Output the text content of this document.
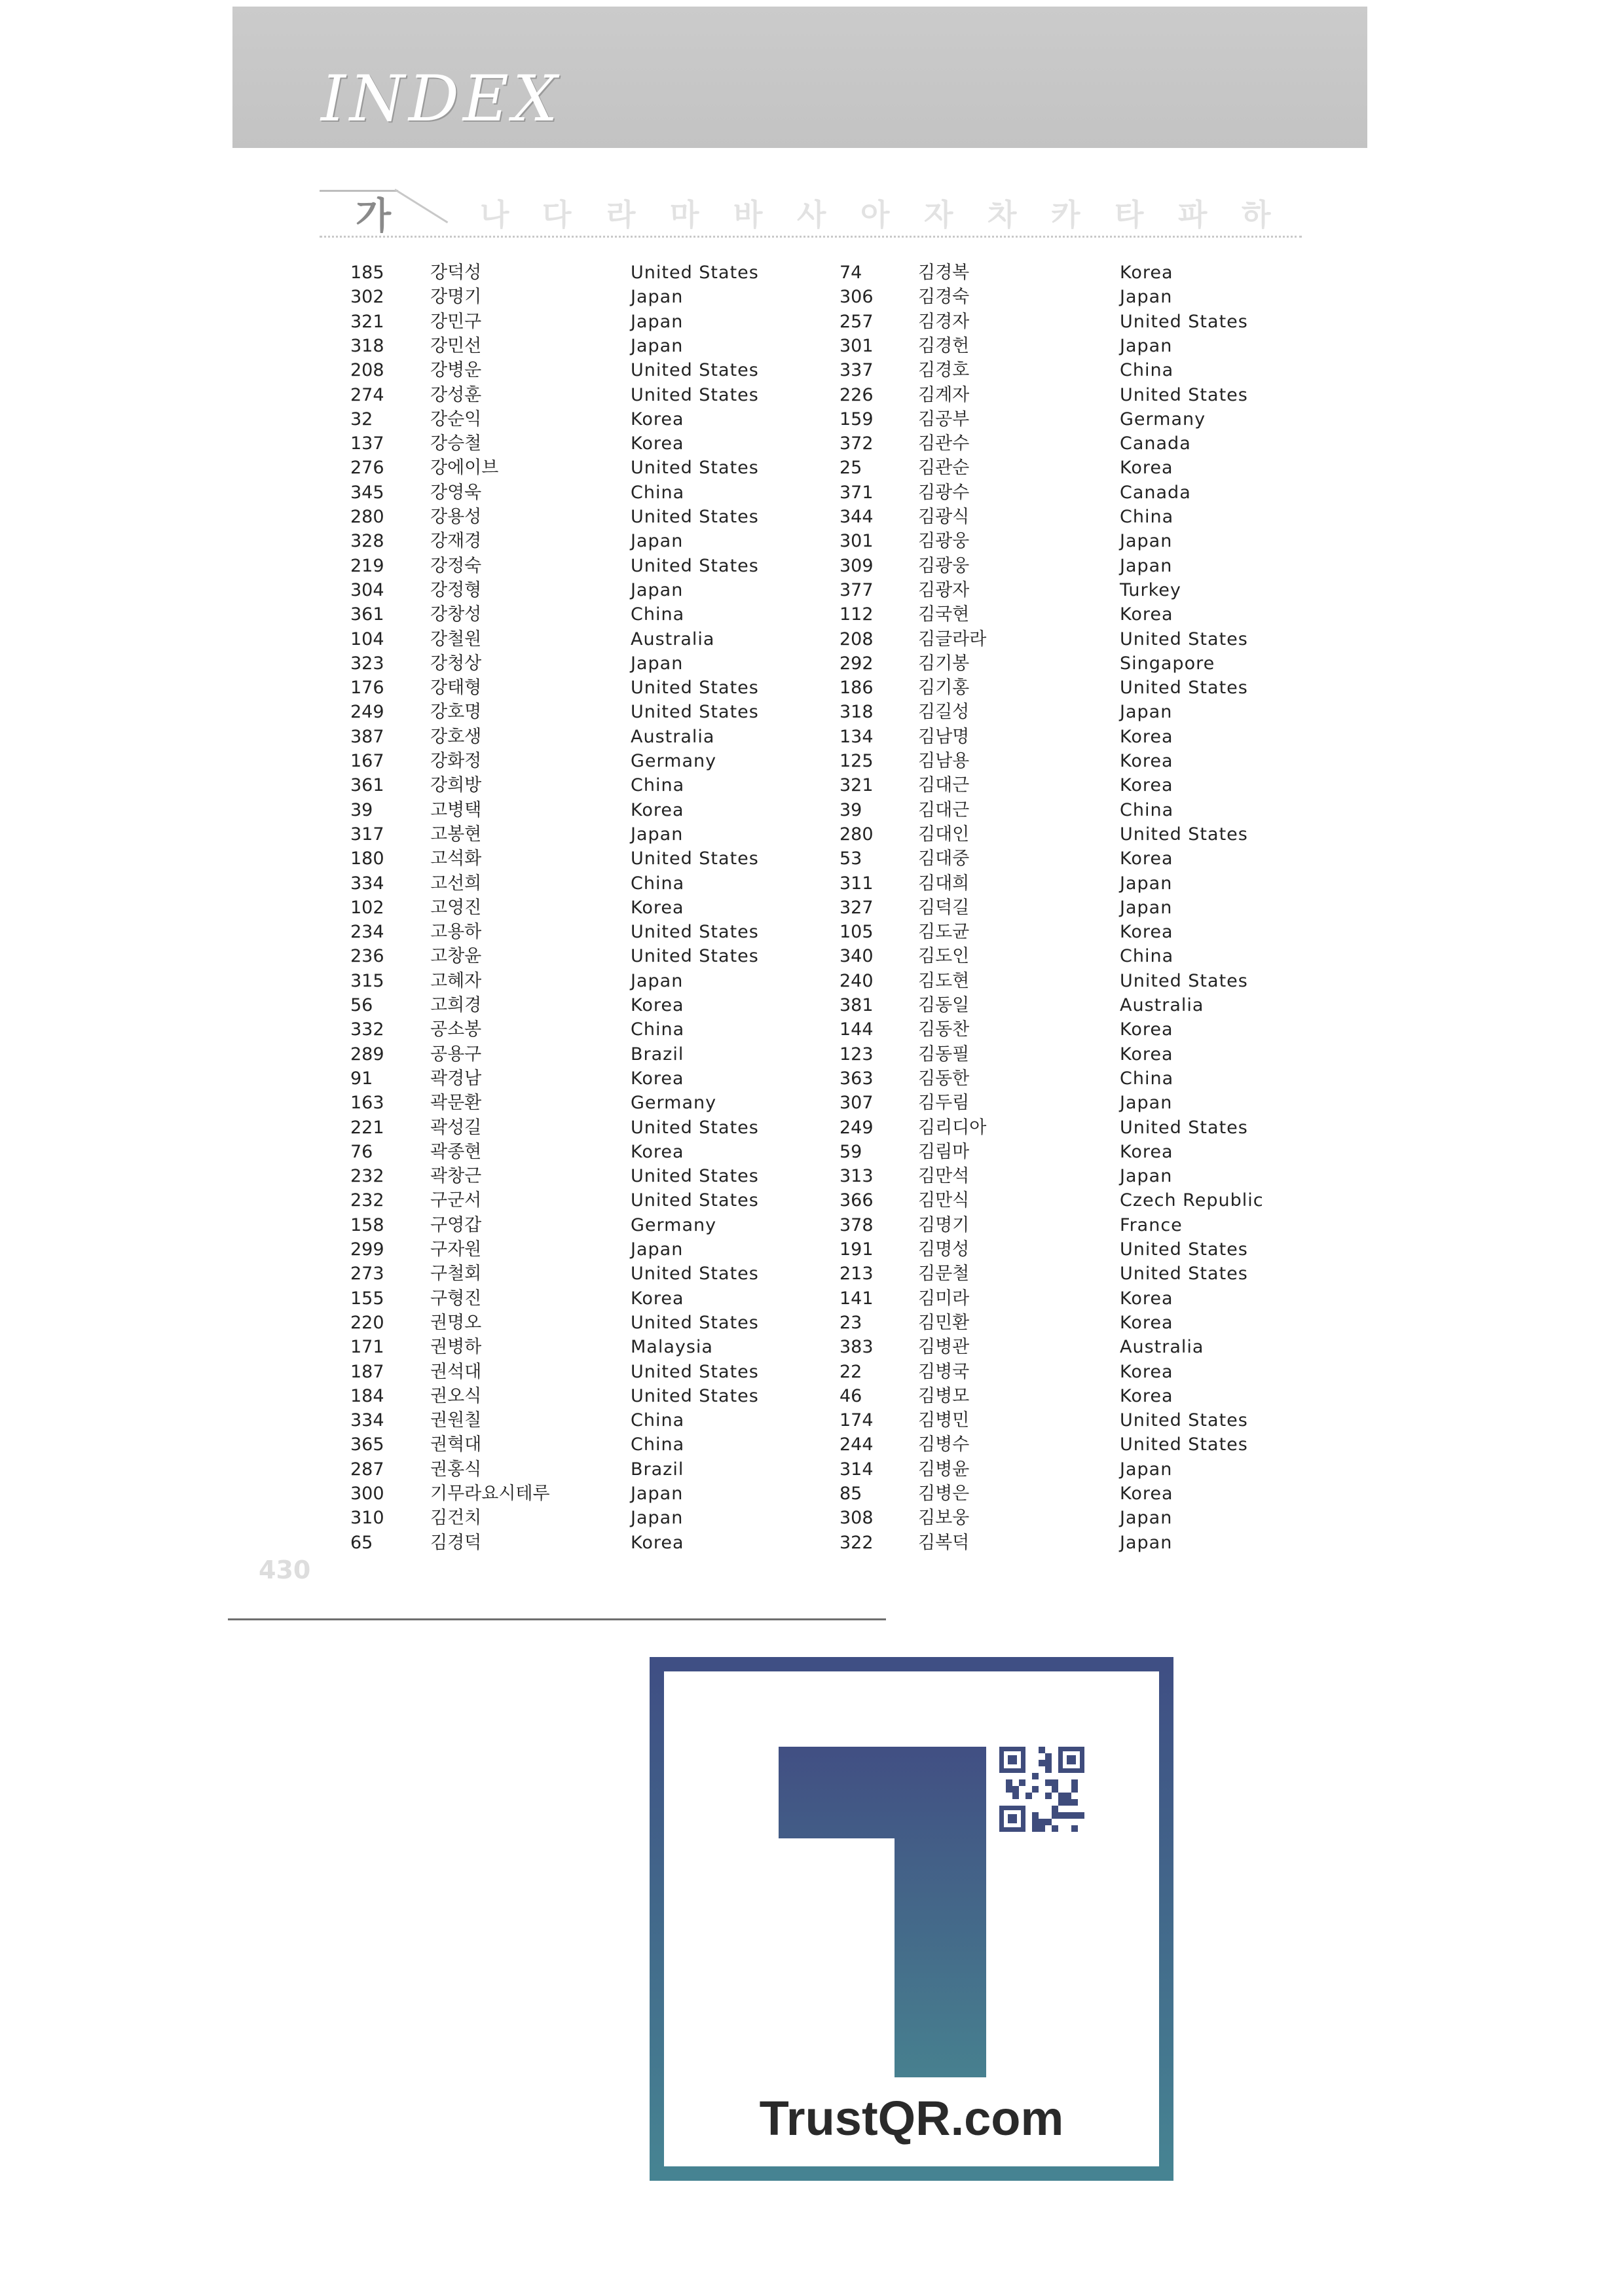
INDEX
가	나 다 라 마 바 사 아 자 차 카 타 파 하
185	강덕성	United States
302	강명기	Japan
321	강민구	Japan
318	강민선	Japan
208	강병운	United States
274	강성훈	United States
32	강순익	Korea
137	강승철	Korea
276	강에이브	United States
345	강영욱	China
280	강용성	United States
328	강재경	Japan
219	강정숙	United States
304	강정형	Japan
361	강창성	China
104	강철원	Australia
323	강청상	Japan
176	강태형	United States
249	강호명	United States
387	강호생	Australia
167	강화정	Germany
361	강희방	China
39	고병택	Korea
317	고봉현	Japan
180	고석화	United States
334	고선희	China
102	고영진	Korea
234	고용하	United States
236	고창윤	United States
315	고혜자	Japan
56	고희경	Korea
332	공소봉	China
289	공용구	Brazil
91	곽경남	Korea
163	곽문환	Germany
221	곽성길	United States
76	곽종현	Korea
232	곽창근	United States
232	구군서	United States
158	구영갑	Germany
299	구자원	Japan
273	구철회	United States
155	구형진	Korea
220	권명오	United States
171	권병하	Malaysia
187	권석대	United States
184	권오식	United States
334	권원칠	China
365	권혁대	China
287	권홍식	Brazil
300	기무라요시테루	Japan
310	김건치	Japan
65	김경덕	Korea
74	김경복	Korea
306	김경숙	Japan
257	김경자	United States
301	김경헌	Japan
337	김경호	China
226	김계자	United States
159	김공부	Germany
372	김관수	Canada
25	김관순	Korea
371	김광수	Canada
344	김광식	China
301	김광웅	Japan
309	김광웅	Japan
377	김광자	Turkey
112	김국현	Korea
208	김글라라	United States
292	김기봉	Singapore
186	김기홍	United States
318	김길성	Japan
134	김남명	Korea
125	김남용	Korea
321	김대근	Korea
39	김대근	China
280	김대인	United States
53	김대중	Korea
311	김대희	Japan
327	김덕길	Japan
105	김도균	Korea
340	김도인	China
240	김도현	United States
381	김동일	Australia
144	김동찬	Korea
123	김동필	Korea
363	김동한	China
307	김두림	Japan
249	김리디아	United States
59	김림마	Korea
313	김만석	Japan
366	김만식	Czech Republic
378	김명기	France
191	김명성	United States
213	김문철	United States
141	김미라	Korea
23	김민환	Korea
383	김병관	Australia
22	김병국	Korea
46	김병모	Korea
174	김병민	United States
244	김병수	United States
314	김병윤	Japan
85	김병은	Korea
308	김보웅	Japan
322	김복덕	Japan
430
TrustQR.com
